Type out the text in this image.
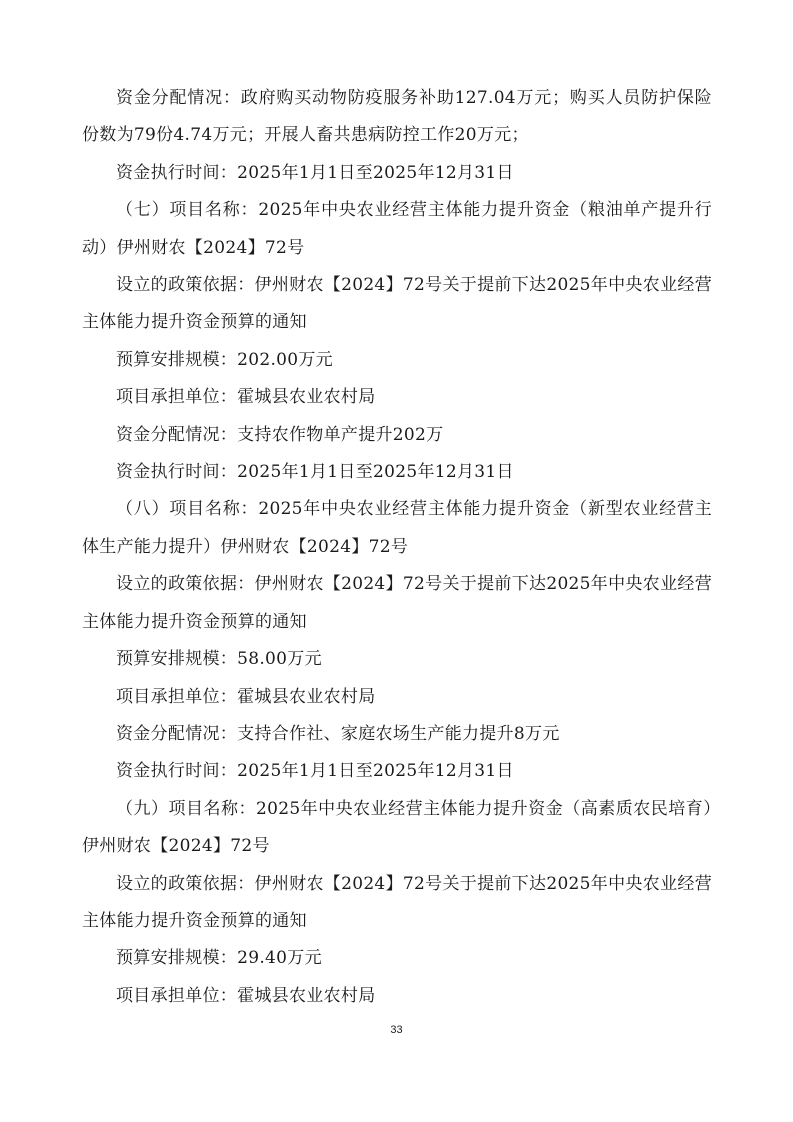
资金分配情况：政府购买动物防疫服务补助127.04万元；购买人员防护保险份数为79份4.74万元；开展人畜共患病防控工作20万元；

资金执行时间：2025年1月1日至2025年12月31日

（七）项目名称：2025年中央农业经营主体能力提升资金（粮油单产提升行动）伊州财农【2024】72号

设立的政策依据：伊州财农【2024】72号关于提前下达2025年中央农业经营主体能力提升资金预算的通知

预算安排规模：202.00万元

项目承担单位：霍城县农业农村局

资金分配情况：支持农作物单产提升202万

资金执行时间：2025年1月1日至2025年12月31日

（八）项目名称：2025年中央农业经营主体能力提升资金（新型农业经营主体生产能力提升）伊州财农【2024】72号

设立的政策依据：伊州财农【2024】72号关于提前下达2025年中央农业经营主体能力提升资金预算的通知

预算安排规模：58.00万元

项目承担单位：霍城县农业农村局

资金分配情况：支持合作社、家庭农场生产能力提升8万元

资金执行时间：2025年1月1日至2025年12月31日

（九）项目名称：2025年中央农业经营主体能力提升资金（高素质农民培育）伊州财农【2024】72号

设立的政策依据：伊州财农【2024】72号关于提前下达2025年中央农业经营主体能力提升资金预算的通知

预算安排规模：29.40万元

项目承担单位：霍城县农业农村局

33
